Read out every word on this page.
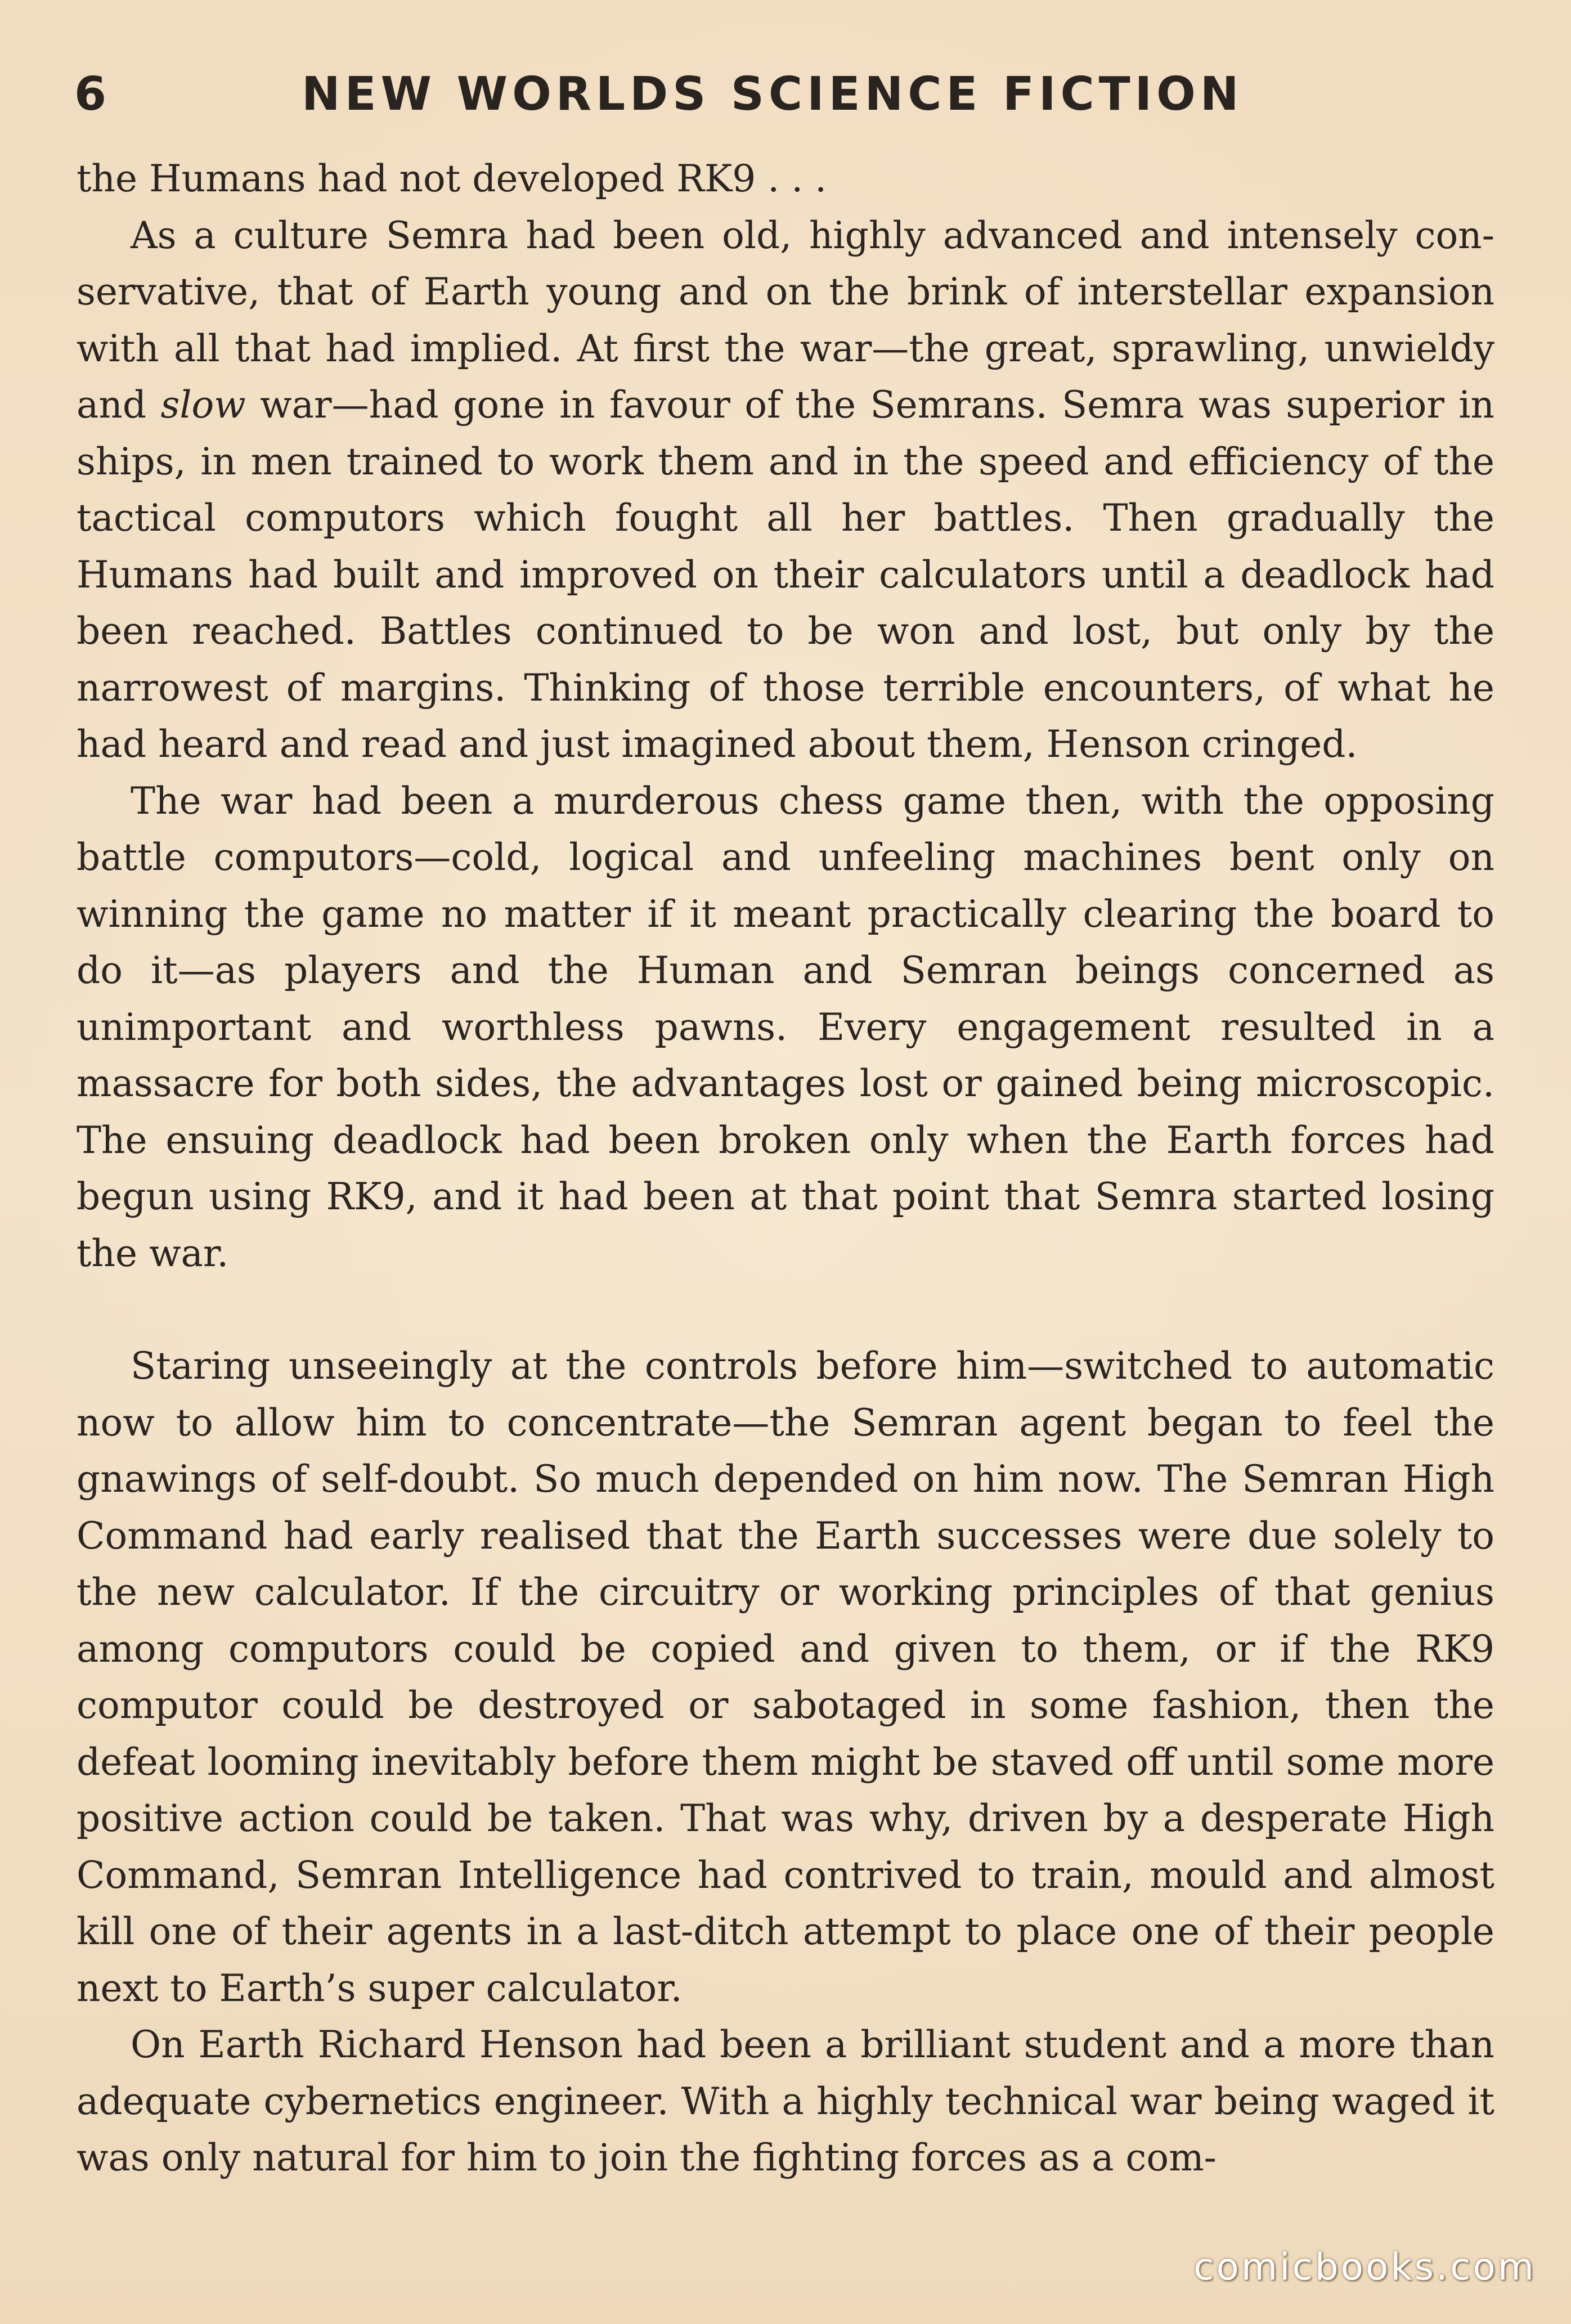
6	NEW WORLDS SCIENCE FICTION

the Humans had not developed RK9 . . .

As a culture Semra had been old, highly advanced and intensely conservative, that of Earth young and on the brink of interstellar expansion with all that had implied. At first the war—the great, sprawling, unwieldy and slow war—had gone in favour of the Semrans. Semra was superior in ships, in men trained to work them and in the speed and efficiency of the tactical computors which fought all her battles. Then gradually the Humans had built and improved on their calculators until a deadlock had been reached. Battles continued to be won and lost, but only by the narrowest of margins. Thinking of those terrible encounters, of what he had heard and read and just imagined about them, Henson cringed.

The war had been a murderous chess game then, with the opposing battle computors—cold, logical and unfeeling machines bent only on winning the game no matter if it meant practically clearing the board to do it—as players and the Human and Semran beings concerned as unimportant and worthless pawns. Every engagement resulted in a massacre for both sides, the advantages lost or gained being microscopic. The ensuing deadlock had been broken only when the Earth forces had begun using RK9, and it had been at that point that Semra started losing the war.

Staring unseeingly at the controls before him—switched to automatic now to allow him to concentrate—the Semran agent began to feel the gnawings of self-doubt. So much depended on him now. The Semran High Command had early realised that the Earth successes were due solely to the new calculator. If the circuitry or working principles of that genius among computors could be copied and given to them, or if the RK9 computor could be destroyed or sabotaged in some fashion, then the defeat looming inevitably before them might be staved off until some more positive action could be taken. That was why, driven by a desperate High Command, Semran Intelligence had contrived to train, mould and almost kill one of their agents in a last-ditch attempt to place one of their people next to Earth’s super calculator.

On Earth Richard Henson had been a brilliant student and a more than adequate cybernetics engineer. With a highly technical war being waged it was only natural for him to join the fighting forces as a com-

comicbooks.com
